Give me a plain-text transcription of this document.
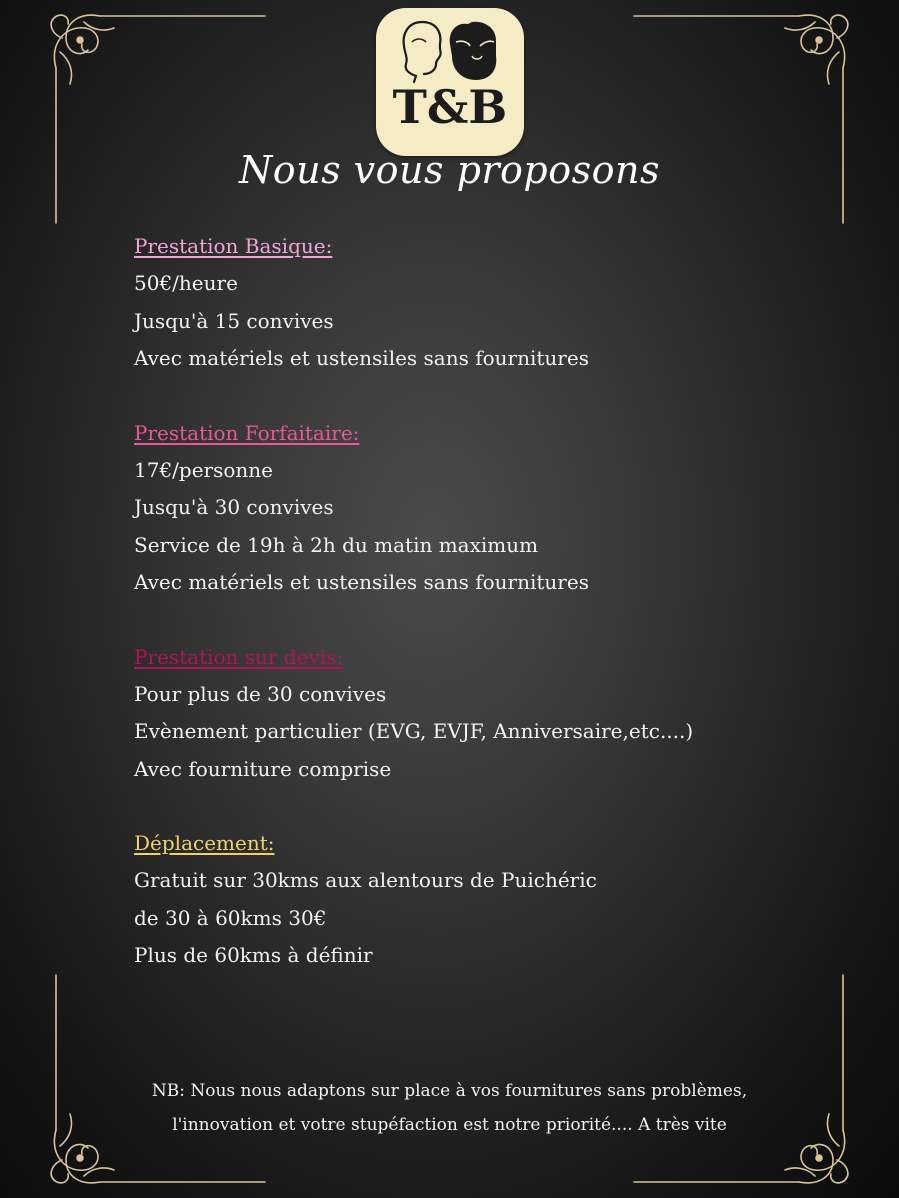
T&B
Nous vous proposons
Prestation Basique:
50€/heure
Jusqu'à 15 convives
Avec matériels et ustensiles sans fournitures
Prestation Forfaitaire:
17€/personne
Jusqu'à 30 convives
Service de 19h à 2h du matin maximum
Avec matériels et ustensiles sans fournitures
Prestation sur devis:
Pour plus de 30 convives
Evènement particulier (EVG, EVJF, Anniversaire,etc....)
Avec fourniture comprise
Déplacement:
Gratuit sur 30kms aux alentours de Puichéric
de 30 à 60kms 30€
Plus de 60kms à définir
NB: Nous nous adaptons sur place à vos fournitures sans problèmes,
l'innovation et votre stupéfaction est notre priorité.... A très vite
